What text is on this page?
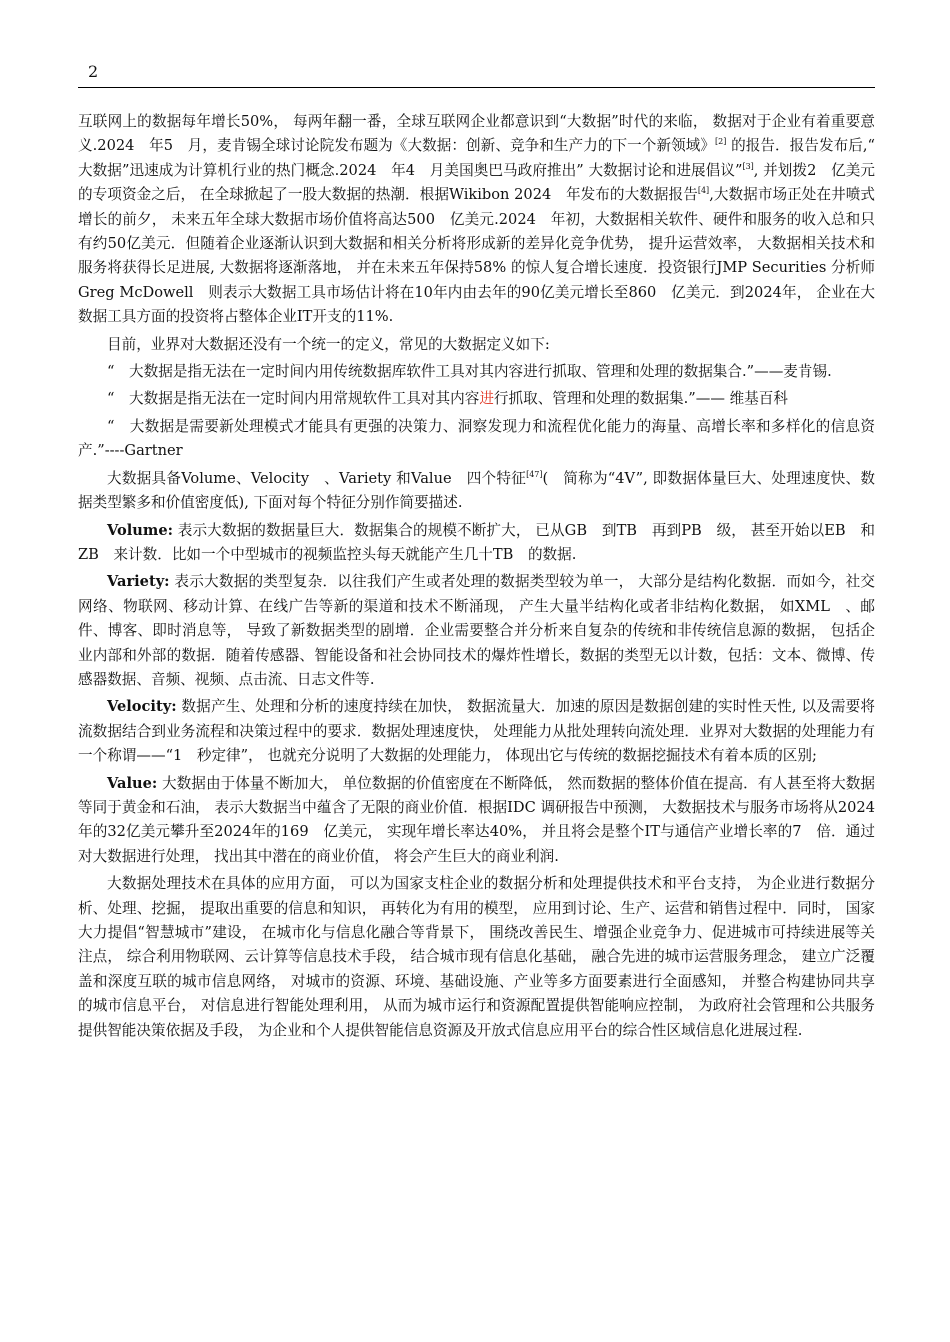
2

互联网上的数据每年增长50%， 每两年翻一番，全球互联网企业都意识到“大数据”时代的来临， 数据对于企业有着重要意义.2024　年5　月，麦肯锡全球讨论院发布题为《大数据：创新、竞争和生产力的下一个新领域》[2] 的报告．报告发布后,“ 大数据”迅速成为计算机行业的热门概念.2024　年4　月美国奥巴马政府推出” 大数据讨论和进展倡议”[3], 并划拨2　亿美元的专项资金之后， 在全球掀起了一股大数据的热潮．根据Wikibon 2024　年发布的大数据报告[4],大数据市场正处在井喷式增长的前夕， 未来五年全球大数据市场价值将高达500　亿美元.2024　年初，大数据相关软件、硬件和服务的收入总和只有约50亿美元．但随着企业逐渐认识到大数据和相关分析将形成新的差异化竞争优势， 提升运营效率， 大数据相关技术和服务将获得长足进展, 大数据将逐渐落地， 并在未来五年保持58% 的惊人复合增长速度．投资银行JMP Securities 分析师Greg McDowell　则表示大数据工具市场估计将在10年内由去年的90亿美元增长至860　亿美元．到2024年， 企业在大数据工具方面的投资将占整体企业IT开支的11%.

目前，业界对大数据还没有一个统一的定义，常见的大数据定义如下:

“　大数据是指无法在一定时间内用传统数据库软件工具对其内容进行抓取、管理和处理的数据集合.”——麦肯锡.

“　大数据是指无法在一定时间内用常规软件工具对其内容进行抓取、管理和处理的数据集.”—— 维基百科

“　大数据是需要新处理模式才能具有更强的决策力、洞察发现力和流程优化能力的海量、高增长率和多样化的信息资产.”----Gartner

大数据具备Volume、Velocity　、Variety 和Value　四个特征[47](　简称为“4V”, 即数据体量巨大、处理速度快、数据类型繁多和价值密度低), 下面对每个特征分别作简要描述.

Volume: 表示大数据的数据量巨大．数据集合的规模不断扩大， 已从GB　到TB　再到PB　级， 甚至开始以EB　和ZB　来计数．比如一个中型城市的视频监控头每天就能产生几十TB　的数据.

Variety: 表示大数据的类型复杂．以往我们产生或者处理的数据类型较为单一， 大部分是结构化数据．而如今，社交网络、物联网、移动计算、在线广告等新的渠道和技术不断涌现， 产生大量半结构化或者非结构化数据， 如XML　、邮件、博客、即时消息等， 导致了新数据类型的剧增．企业需要整合并分析来自复杂的传统和非传统信息源的数据， 包括企业内部和外部的数据．随着传感器、智能设备和社会协同技术的爆炸性增长，数据的类型无以计数，包括：文本、微博、传感器数据、音频、视频、点击流、日志文件等.

Velocity: 数据产生、处理和分析的速度持续在加快， 数据流量大．加速的原因是数据创建的实时性天性, 以及需要将流数据结合到业务流程和决策过程中的要求．数据处理速度快， 处理能力从批处理转向流处理．业界对大数据的处理能力有一个称谓——“1　秒定律”， 也就充分说明了大数据的处理能力， 体现出它与传统的数据挖掘技术有着本质的区别;

Value: 大数据由于体量不断加大， 单位数据的价值密度在不断降低， 然而数据的整体价值在提高．有人甚至将大数据等同于黄金和石油， 表示大数据当中蕴含了无限的商业价值．根据IDC 调研报告中预测， 大数据技术与服务市场将从2024年的32亿美元攀升至2024年的169　亿美元， 实现年增长率达40%， 并且将会是整个IT与通信产业增长率的7　倍．通过对大数据进行处理， 找出其中潜在的商业价值， 将会产生巨大的商业利润.

大数据处理技术在具体的应用方面， 可以为国家支柱企业的数据分析和处理提供技术和平台支持， 为企业进行数据分析、处理、挖掘， 提取出重要的信息和知识， 再转化为有用的模型， 应用到讨论、生产、运营和销售过程中．同时， 国家大力提倡“智慧城市”建设， 在城市化与信息化融合等背景下， 围绕改善民生、增强企业竞争力、促进城市可持续进展等关注点， 综合利用物联网、云计算等信息技术手段， 结合城市现有信息化基础， 融合先进的城市运营服务理念， 建立广泛覆盖和深度互联的城市信息网络， 对城市的资源、环境、基础设施、产业等多方面要素进行全面感知， 并整合构建协同共享的城市信息平台， 对信息进行智能处理利用， 从而为城市运行和资源配置提供智能响应控制， 为政府社会管理和公共服务提供智能决策依据及手段， 为企业和个人提供智能信息资源及开放式信息应用平台的综合性区域信息化进展过程.
